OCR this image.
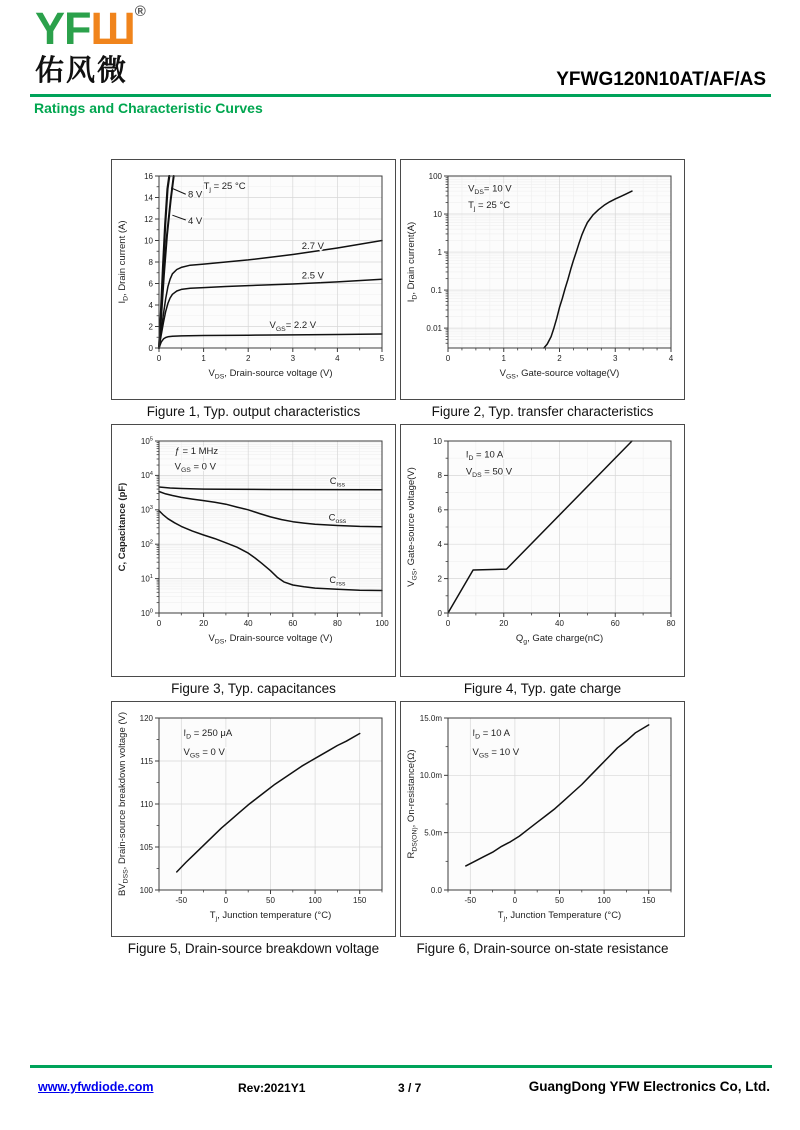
YFШ®
佑风微	YFWG120N10AT/AF/AS
Ratings and Characteristic Curves
0	1	2	3	4	5
0
2
4
6
8
10
12
14
16
$V_{DS}$, Drain-source voltage (V)
$I_D$, Drain current (A)
$T_j = 25$ °C
8 V
4 V
2.7 V
2.5 V
$V_{GS}= 2.2$ V
0	1	2	3	4
0.01
0.1
1
10
100
$V_{GS}$, Gate-source voltage(V)
$I_D$, Drain current(A)
$V_{DS}= 10$ V
$T_j = 25$ °C
Figure 1, Typ. output characteristics	Figure 2, Typ. transfer characteristics
0	20	40	60	80	100
$10^0$
$10^1$
$10^2$
$10^3$
$10^4$
$10^5$
$V_{DS}$, Drain-source voltage (V)
C, Capacitance (pF)
ƒ = 1 MHz
$V_{GS} = 0$ V
$C_{iss}$
$C_{oss}$
$C_{rss}$
0	20	40	60	80
0
2
4
6
8
10
$Q_g$, Gate charge(nC)
$V_{GS}$, Gate-source voltage(V)
$I_D = 10$ A
$V_{DS} = 50$ V
Figure 3, Typ. capacitances	Figure 4, Typ. gate charge
-50	0	50	100	150
100
105
110
115
120
$T_j$, Junction temperature (°C)
$BV_{DSS}$, Drain-source breakdown voltage (V)	$I_D = 250$ μA
$V_{GS} = 0$ V
-50	0	50	100	150
0.0
5.0m
10.0m
15.0m
$T_j$, Junction Temperature (°C)
$R_{DS(ON)}$, On-resistance(Ω)
$I_D = 10$ A
$V_{GS} = 10$ V
Figure 5, Drain-source breakdown voltage	Figure 6, Drain-source on-state resistance
www.yfwdiode.com	Rev:2021Y1	3 / 7	GuangDong YFW Electronics Co, Ltd.
